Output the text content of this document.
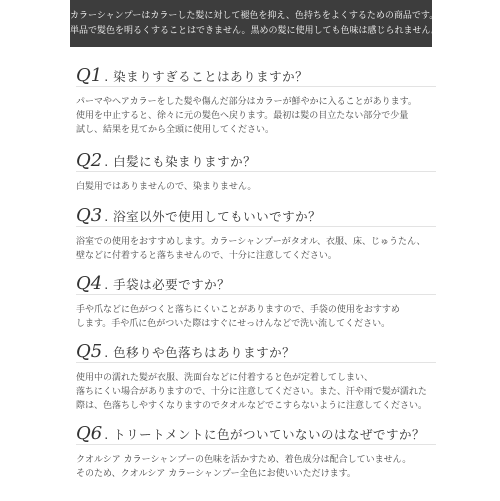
カラーシャンプーはカラーした髪に対して褪色を抑え、色持ちをよくするための商品です。
単品で髪色を明るくすることはできません。黒めの髪に使用しても色味は感じられません。
Q1 . 染まりすぎることはありますか？

パーマやヘアカラーをした髪や傷んだ部分はカラーが鮮やかに入ることがあります。

使用を中止すると、徐々に元の髪色へ戻ります。最初は髪の目立たない部分で少量

試し、結果を見てから全頭に使用してください。

Q2 . 白髪にも染まりますか？

白髪用ではありませんので、染まりません。

Q3 . 浴室以外で使用してもいいですか？

浴室での使用をおすすめします。カラーシャンプーがタオル、衣服、床、じゅうたん、

壁などに付着すると落ちませんので、十分に注意してください。

Q4 . 手袋は必要ですか？

手や爪などに色がつくと落ちにくいことがありますので、手袋の使用をおすすめ

します。手や爪に色がついた際はすぐにせっけんなどで洗い流してください。

Q5 . 色移りや色落ちはありますか？

使用中の濡れた髪が衣服、洗面台などに付着すると色が定着してしまい、

落ちにくい場合がありますので、十分に注意してください。また、汗や雨で髪が濡れた

際は、色落ちしやすくなりますのでタオルなどでこすらないように注意してください。

Q6 . トリートメントに色がついていないのはなぜですか？

クオルシア カラーシャンプーの色味を活かすため、着色成分は配合していません。

そのため、クオルシア カラーシャンプー全色にお使いいただけます。
